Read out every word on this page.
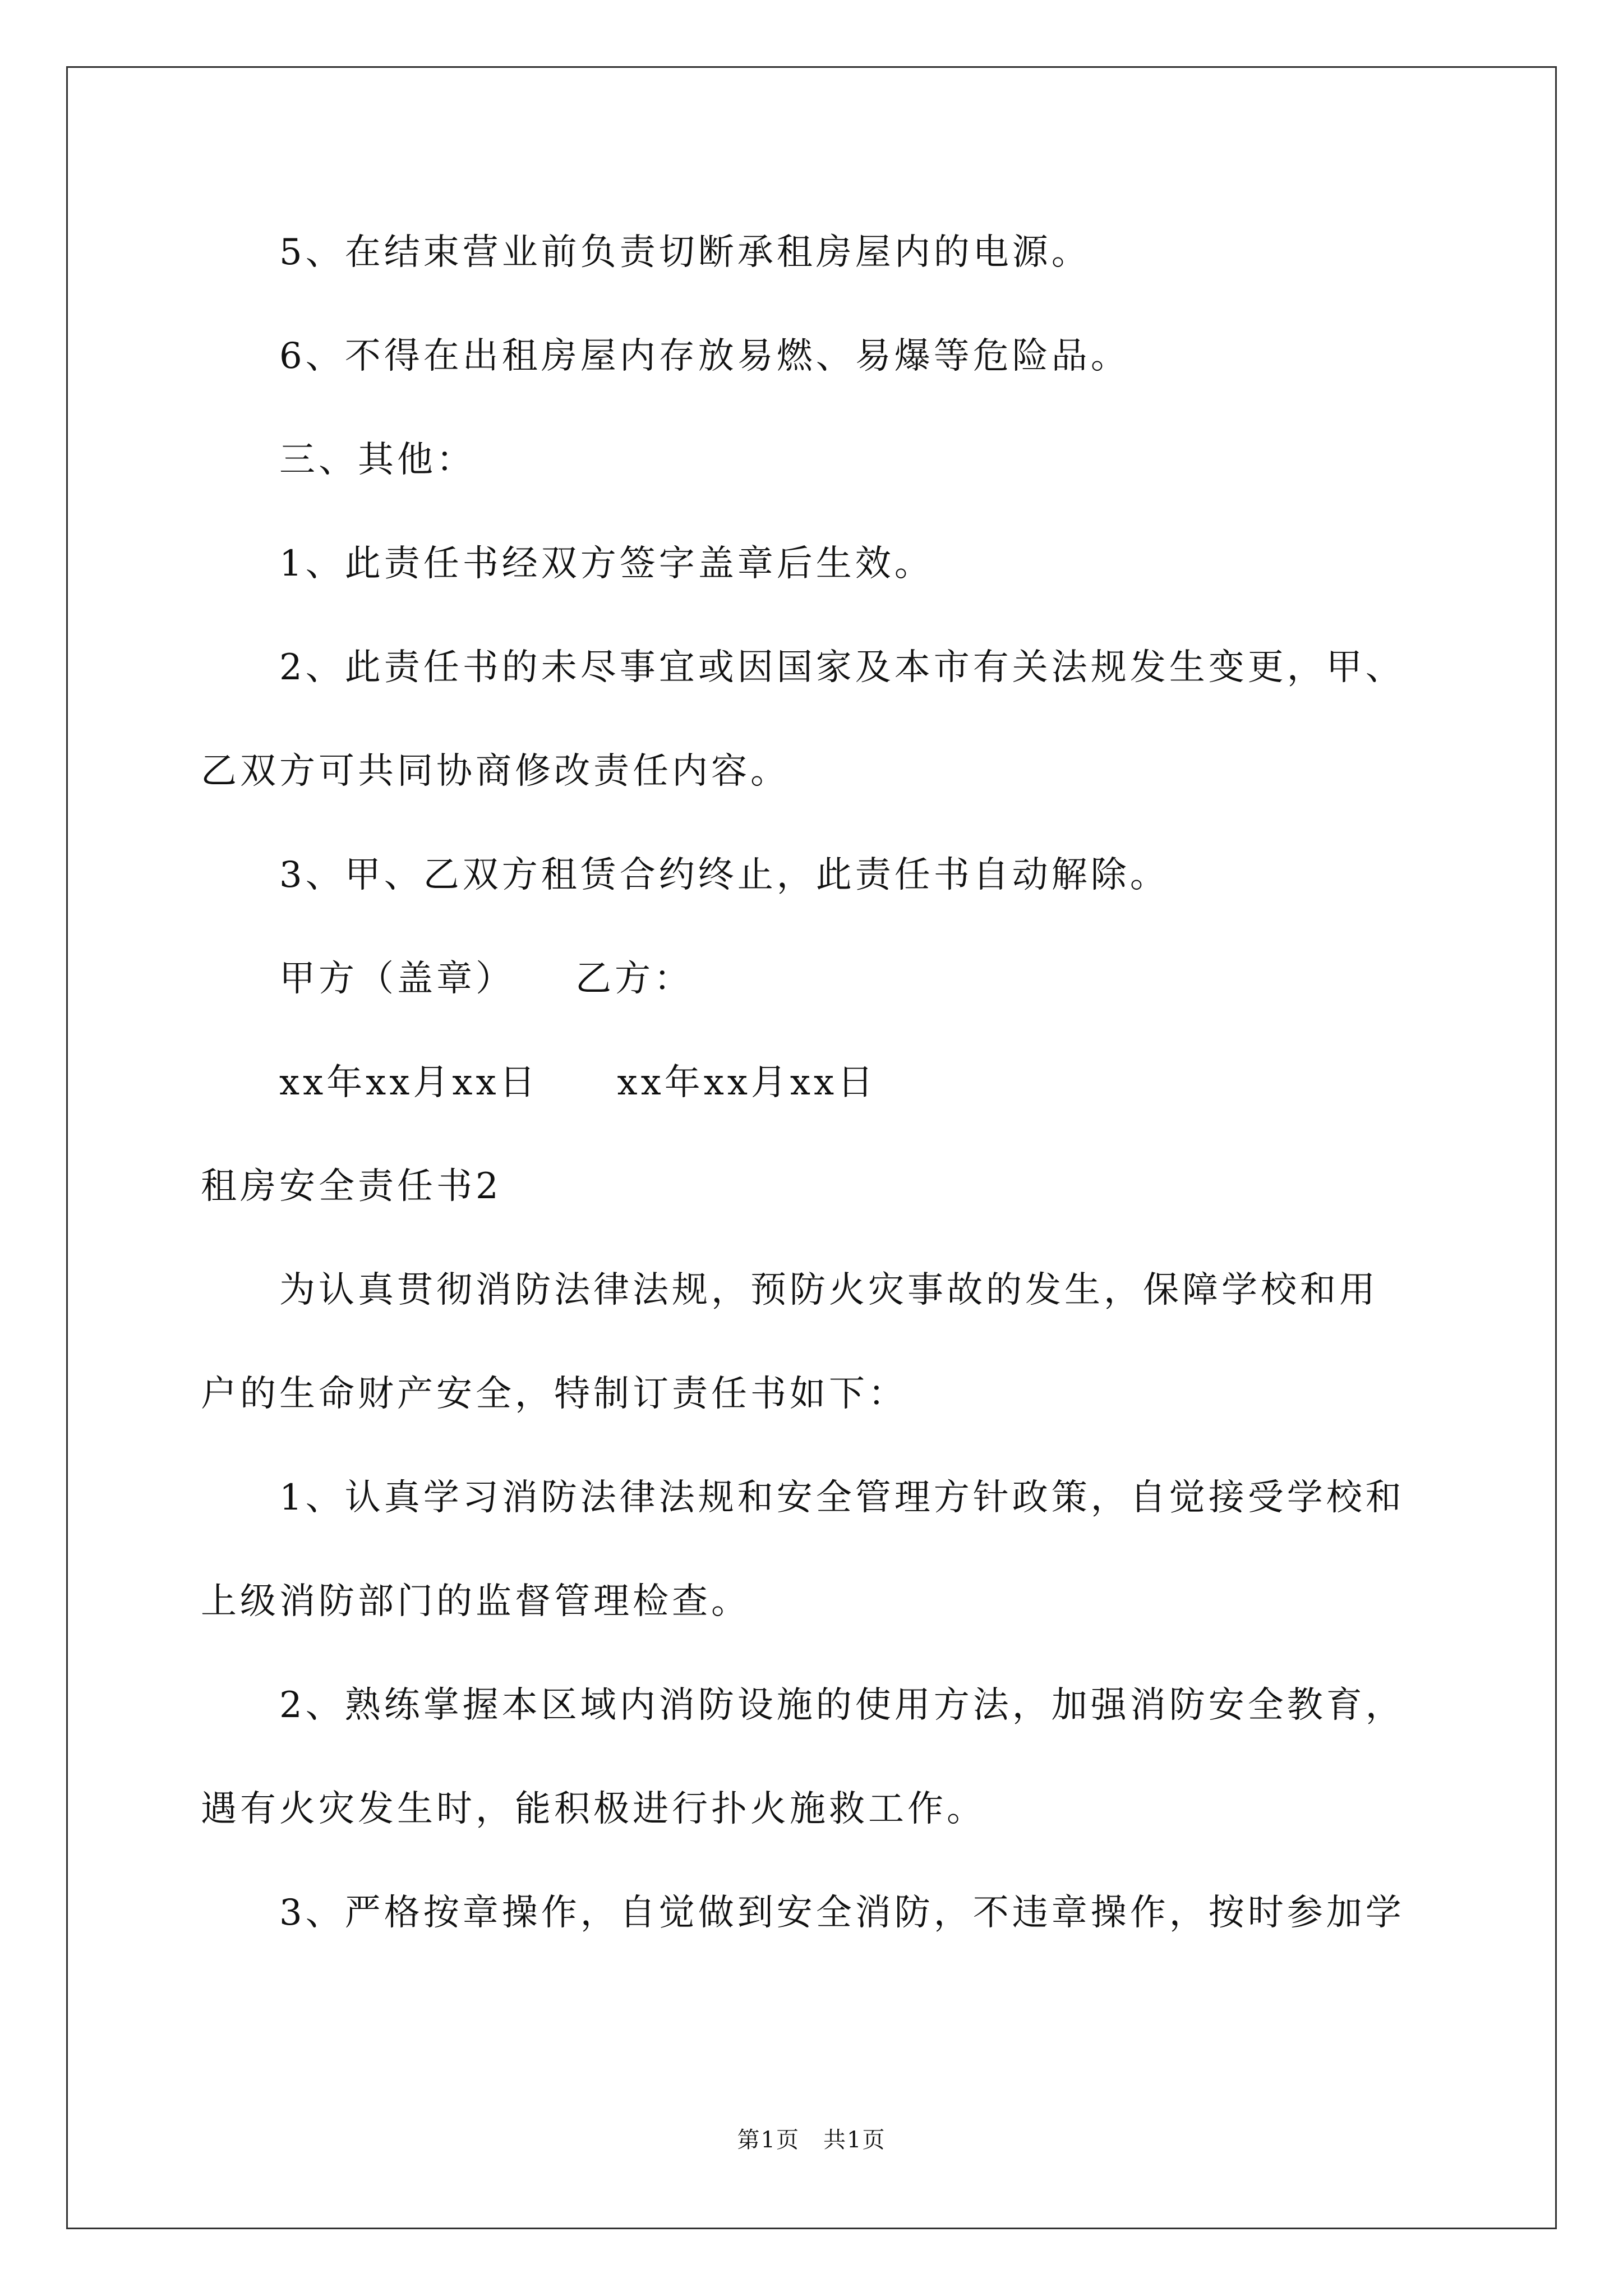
5、在结束营业前负责切断承租房屋内的电源。
6、不得在出租房屋内存放易燃、易爆等危险品。
三、其他：
1、此责任书经双方签字盖章后生效。
2、此责任书的未尽事宜或因国家及本市有关法规发生变更，甲、
乙双方可共同协商修改责任内容。
3、甲、乙双方租赁合约终止，此责任书自动解除。
甲方（盖章）　　乙方：
xx年xx月xx日　　xx年xx月xx日
租房安全责任书2
为认真贯彻消防法律法规，预防火灾事故的发生，保障学校和用
户的生命财产安全，特制订责任书如下：
1、认真学习消防法律法规和安全管理方针政策，自觉接受学校和
上级消防部门的监督管理检查。
2、熟练掌握本区域内消防设施的使用方法，加强消防安全教育，
遇有火灾发生时，能积极进行扑火施救工作。
3、严格按章操作，自觉做到安全消防，不违章操作，按时参加学
第1页　共1页
